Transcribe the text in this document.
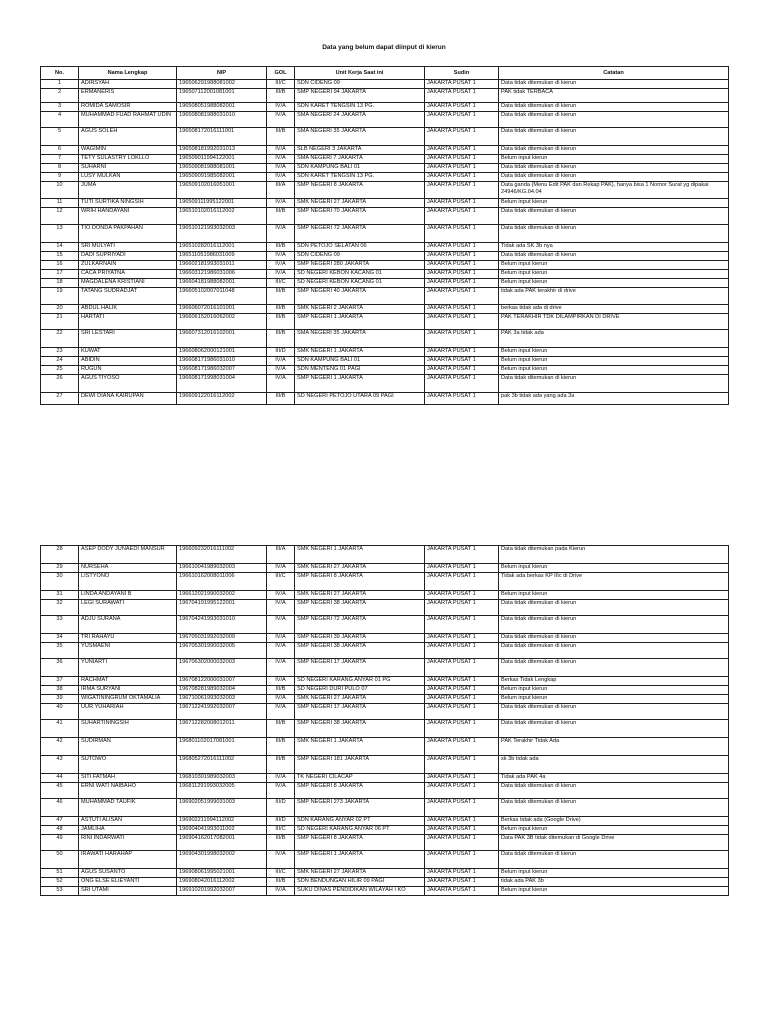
Data yang belum dapat diinput di kierun
No.	Nama Lengkap	NIP	GOL	Unit Kerja Saat ini	Sudin	Catatan
1	ADIRSYAH	196506291988081002	III/C	SDN CIDENG 09	JAKARTA PUSAT 1	Data tidak ditemukan di kierun
2	ERMANERIS	196507112001081001	III/B	SMP NEGERI 94 JAKARTA	JAKARTA PUSAT 1	PAK tidak TERBACA
3	ROMIDA SAMOSIR	196508051988082001	IV/A	SDN KARET TENGSIN 13 PG.	JAKARTA PUSAT 1	Data tidak ditemukan di kierun
4	MUHAMMAD FUAD RAHMAT UDIN	196508081988031010	IV/A	SMA NEGERI 24 JAKARTA	JAKARTA PUSAT 1	Data tidak ditemukan di kierun
5	AGUS SOLEH	196508172016111001	III/B	SMA NEGERI 35 JAKARTA	JAKARTA PUSAT 1	Data tidak ditemukan di kierun
6	WAGIMIN	196508181992031013	IV/A	SLB NEGERI 3 JAKARTA	JAKARTA PUSAT 1	Data tidak ditemukan di kierun
7	TETY SULASTRY LOKLLO	196509011994122001	IV/A	SMA NEGERI 7 JAKARTA	JAKARTA PUSAT 1	Belum input kierun
8	SUHARNI	196509081988081001	IV/A	SDN KAMPUNG BALI 01	JAKARTA PUSAT 1	Data tidak ditemukan di kierun
9	LUSY MULKAN	196509091985082001	IV/A	SDN KARET TENGSIN 13 PG.	JAKARTA PUSAT 1	Data tidak ditemukan di kierun
10	JUMA	196509102016051001	III/A	SMP NEGERI 8 JAKARTA	JAKARTA PUSAT 1	Data ganda (Menu Edit PAK dan Rekap PAK), hanya bisa 1 Nomor Surat yg dipakai 24946/KG.04.04
11	TUTI SURTIKA NINGSIH	196509111995122001	IV/A	SMK NEGERI 27 JAKARTA	JAKARTA PUSAT 1	Belum input kierun
12	WRIH HANDAYANI	196510102016112002	III/B	SMP NEGERI 70 JAKARTA	JAKARTA PUSAT 1	Data tidak ditemukan di kierun
13	TIO DONDA PAKPAHAN	196510121993032003	IV/A	SMP NEGERI 72 JAKARTA	JAKARTA PUSAT 1	Data tidak ditemukan di kierun
14	SRI MULYATI	196510282016112001	III/B	SDN PETOJO SELATAN 06	JAKARTA PUSAT 1	Tidak ada SK 3b nya
15	DADI SUPRIYADI	196511051986031009	IV/A	SDN CIDENG 09	JAKARTA PUSAT 1	Data tidak ditemukan di kierun
16	ZULKARNAIN	196602181993031011	IV/A	SMP NEGERI 280 JAKARTA	JAKARTA PUSAT 1	Belum input kierun
17	CACA PRIYATNA	196603121986031006	IV/A	SD NEGERI KEBON KACANG 01	JAKARTA PUSAT 1	Belum input kierun
18	MAGDALENA KRISTIANI	196604181988082001	III/C	SD NEGERI KEBON KACANG 01	JAKARTA PUSAT 1	Belum input kierun
19	TATANG SUDRADJAT	196605102007011048	III/B	SMP NEGERI 40 JAKARTA	JAKARTA PUSAT 1	tidak ada PAK terakhir di drive
20	ABDUL HALIK	196606072016101001	III/B	SMK NEGERI 2 JAKARTA	JAKARTA PUSAT 1	berkas tidak ada di drive
21	HARTATI	196606152016062002	III/B	SMP NEGERI 1 JAKARTA	JAKARTA PUSAT 1	PAK TERAKHIR TDK DILAMPIRKAN DI DRIVE
22	SRI LESTARI	196607312016102001	III/B	SMA NEGERI 35 JAKARTA	JAKARTA PUSAT 1	PAK 3a tidak ada
23	KUWAT	196608062000121001	III/D	SMK NEGERI 1 JAKARTA	JAKARTA PUSAT 1	Belum input kierun
24	ABIDIN	196608171986031010	IV/A	SDN KAMPUNG BALI 01	JAKARTA PUSAT 1	Belum input kierun
25	RUGUN	196608171986032007	IV/A	SDN MENTENG 01 PAGI	JAKARTA PUSAT 1	Belum input kierun
26	AGUS TIYOSO	196608171998031004	IV/A	SMP NEGERI 1 JAKARTA	JAKARTA PUSAT 1	Data tidak ditemukan di kierun
27	DEWI DIANA KAIRUPAN	196609122016112002	III/B	SD NEGERI PETOJO UTARA 09 PAGI	JAKARTA PUSAT 1	pak 3b tidak ada yang ada 3a
28	ASEP DODY JUNAEDI MANSUR	196609232016111002	III/A	SMK NEGERI 1 JAKARTA	JAKARTA PUSAT 1	Data tidak ditemukan pada Kierun
29	NURSEHA	196610041989032003	IV/A	SMK NEGERI 27 JAKARTA	JAKARTA PUSAT 1	Belum input kierun
30	LISTYONO	196610162008011006	III/C	SMP NEGERI 8 JAKARTA	JAKARTA PUSAT 1	Tidak ada berkas KP IIIc di Drive
31	LINDA ANDAYANI B	196612021990032002	IV/A	SMK NEGERI 27 JAKARTA	JAKARTA PUSAT 1	Belum input kierun
32	LEGI SURAWATI	196704191995122001	IV/A	SMP NEGERI 38 JAKARTA	JAKARTA PUSAT 1	Data tidak ditemukan di kierun
33	ADJU SURANA	196704241993031010	IV/A	SMP NEGERI 72 JAKARTA	JAKARTA PUSAT 1	Data tidak ditemukan di kierun
34	TRI RAHAYU	196705031992032009	IV/A	SMP NEGERI 39 JAKARTA	JAKARTA PUSAT 1	Data tidak ditemukan di kierun
35	YUSMAENI	196705301990032005	IV/A	SMP NEGERI 38 JAKARTA	JAKARTA PUSAT 1	Data tidak ditemukan di kierun
36	YUNIARTI	196706302000032003	IV/A	SMP NEGERI 17 JAKARTA	JAKARTA PUSAT 1	Data tidak ditemukan di kierun
37	RACHMAT	196708122000031007	IV/A	SD NEGERI KARANG ANYAR 01 PG	JAKARTA PUSAT 1	Berkas Tidak Lengkap
38	IRMA SURYANI	196708281989032004	III/B	SD NEGERI DURI PULO 07	JAKARTA PUSAT 1	Belum input kierun
39	WIGATININGRUM OKTAMALIA	196710061993032003	IV/A	SMK NEGERI 27 JAKARTA	JAKARTA PUSAT 1	Belum input kierun
40	UUR YUHARIAH	196712241992032007	IV/A	SMP NEGERI 17 JAKARTA	JAKARTA PUSAT 1	Data tidak ditemukan di kierun
41	SUHARTININGSIH	196712282008012011	III/B	SMP NEGERI 38 JAKARTA	JAKARTA PUSAT 1	Data tidak ditemukan di kierun
42	SUDIRMAN	196801102017081001	III/B	SMK NEGERI 1 JAKARTA	JAKARTA PUSAT 1	PAK Terakhir Tidak Ada
43	SUTOWO	196805272016111002	III/B	SMP NEGERI 181 JAKARTA	JAKARTA PUSAT 1	sk 3b tidak ada
44	SITI FATMAH	196810301989032003	IV/A	TK NEGERI CILACAP	JAKARTA PUSAT 1	Tidak ada PAK 4a
45	ERNI WATI NAIBAHO	196811291993032005	IV/A	SMP NEGERI 8 JAKARTA	JAKARTA PUSAT 1	Data tidak ditemukan di kierun
46	MUHAMMAD TAUFIK	196902051999031003	III/D	SMP NEGERI 273 JAKARTA	JAKARTA PUSAT 1	Data tidak ditemukan di kierun
47	ASTUTI ALISAN	196902211994112002	III/D	SDN KARANG ANYAR 02 PT	JAKARTA PUSAT 1	Berkas tidak ada (Google Drive)
48	JAMLIHA	196904041993011002	III/C	SD NEGERI KARANG ANYAR 06 PT	JAKARTA PUSAT 1	Belum input kierun
49	RINI INDARWATI	196904162017082001	III/B	SMP NEGERI 8 JAKARTA	JAKARTA PUSAT 1	Data PAK 3B tidak ditemukan di Google Drive
50	IRAWATI HARAHAP	196904301998032002	IV/A	SMP NEGERI 1 JAKARTA	JAKARTA PUSAT 1	Data tidak ditemukan di kierun
51	AGUS SUSANTO	196908061995021001	III/C	SMK NEGERI 27 JAKARTA	JAKARTA PUSAT 1	Belum input kierun
52	ONG ELSE ELIEYANTI	196908042016112002	III/B	SDN BENDUNGAN HILIR 09 PAGI	JAKARTA PUSAT 1	tidak ada PAK 3b
53	SRI UTAMI	196910201992032007	IV/A	SUKU DINAS PENDIDIKAN WILAYAH I KO	JAKARTA PUSAT 1	Belum input kierun
